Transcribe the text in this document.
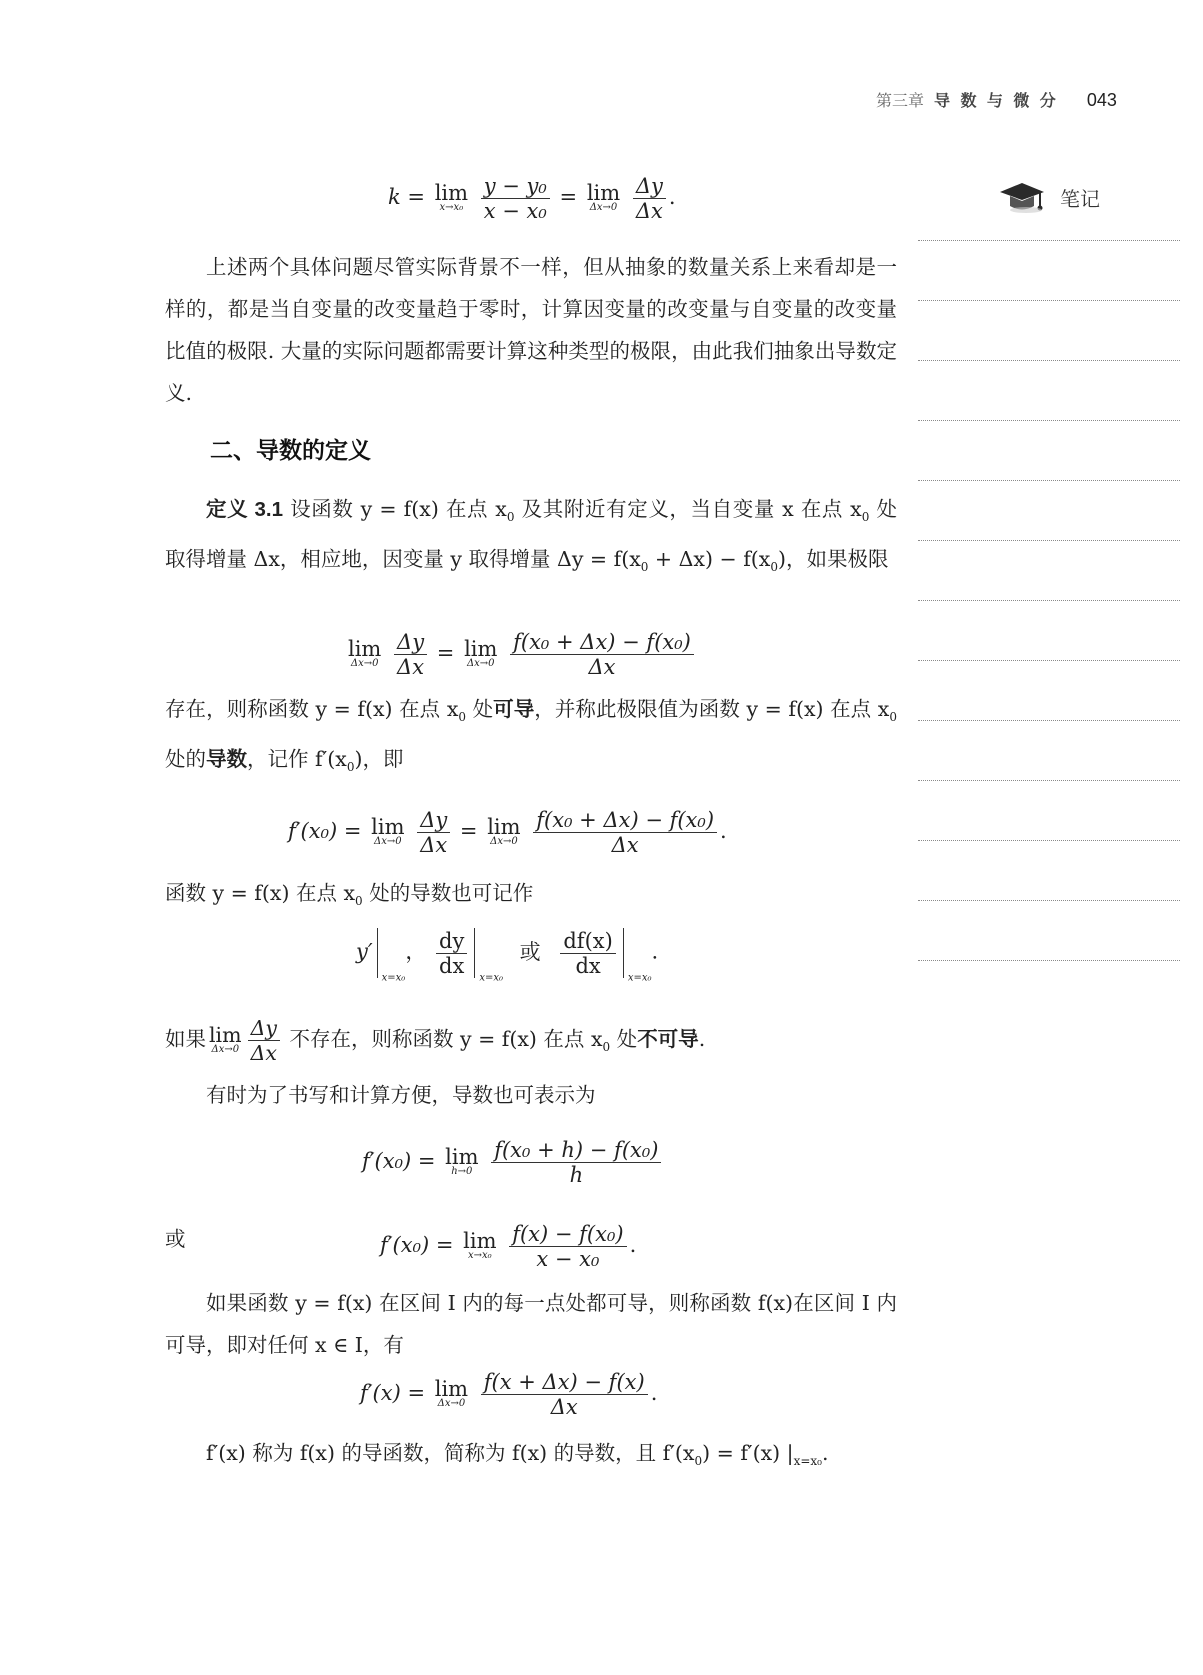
第三章 导 数 与 微 分 043
笔记
k = lim
x→x₀
$\frac{\text{y − y₀}}{\text{x − x₀}} = \lim$
Δx→0
$\frac{\Delta y}{\Delta x}$ .
上述两个具体问题尽管实际背景不一样，但从抽象的数量关系上来看却是一样的，都是当自变量的改变量趋于零时，计算因变量的改变量与自变量的改变量比值的极限. 大量的实际问题都需要计算这种类型的极限，由此我们抽象出导数定义.
定义 3.1 设函数 y = f(x) 在点 $x_0$ 及其附近有定义，当自变量 x 在点 $x_0$ 处取得增量 Δx，相应地，因变量 y 取得增量 $\Delta y = f(x_0 + \Delta x) - f(x_0)$，如果极限
存在，则称函数 y = f(x) 在点 $x_0$ 处可导，并称此极限值为函数 y = f(x) 在点 $x_0$ 处的导数，记作 $f'(x_0)$，即
函数 y = f(x) 在点 $x_0$ 处的导数也可记作
如果 lim
$\Delta x\to 0 \frac{\Delta y}{\Delta x}$ 不存在，则称函数 y = f(x) 在点 $x_0$ 处不可导.
有时为了书写和计算方便，导数也可表示为
或
如果函数 y = f(x) 在区间 I 内的每一点处都可导，则称函数 f(x)在区间 I 内可导，即对任何 x ∈ I，有
f′(x) 称为 f(x) 的导函数，简称为 f(x) 的导数，且 $f'(x_0) = f'(x)$ $|_{x=x_0}$.
二、导数的定义
lim
Δx→0
$\frac{\Delta y}{\Delta x} = \lim$
Δx→0
$\frac{\text{f(x₀ + Δx) − f(x₀)}}{\Delta x}$
f′(x₀) = lim
Δx→0
$\frac{\Delta y}{\Delta x} = \lim$
Δx→0
$\frac{\text{f(x₀ + Δx) − f(x₀)}}{\Delta x}$ .
$y'_{x=x_0}$， $\frac{dy}{dx}$
$_{x=x_0}$ 或 $\frac{df(x)}{dx}$
$_{x=x_0}$.
f′(x₀) = lim
h→0
$\frac{\text{f(x₀ + h) − f(x₀)}}{h}$
f′(x₀) = lim
x→x₀
$\frac{\text{f(x) − f(x₀)}}{\text{x − x₀}}$ .
f′(x) = lim
Δx→0
$\frac{f(x + \Delta x) - f(x)}{\Delta x}$ .
